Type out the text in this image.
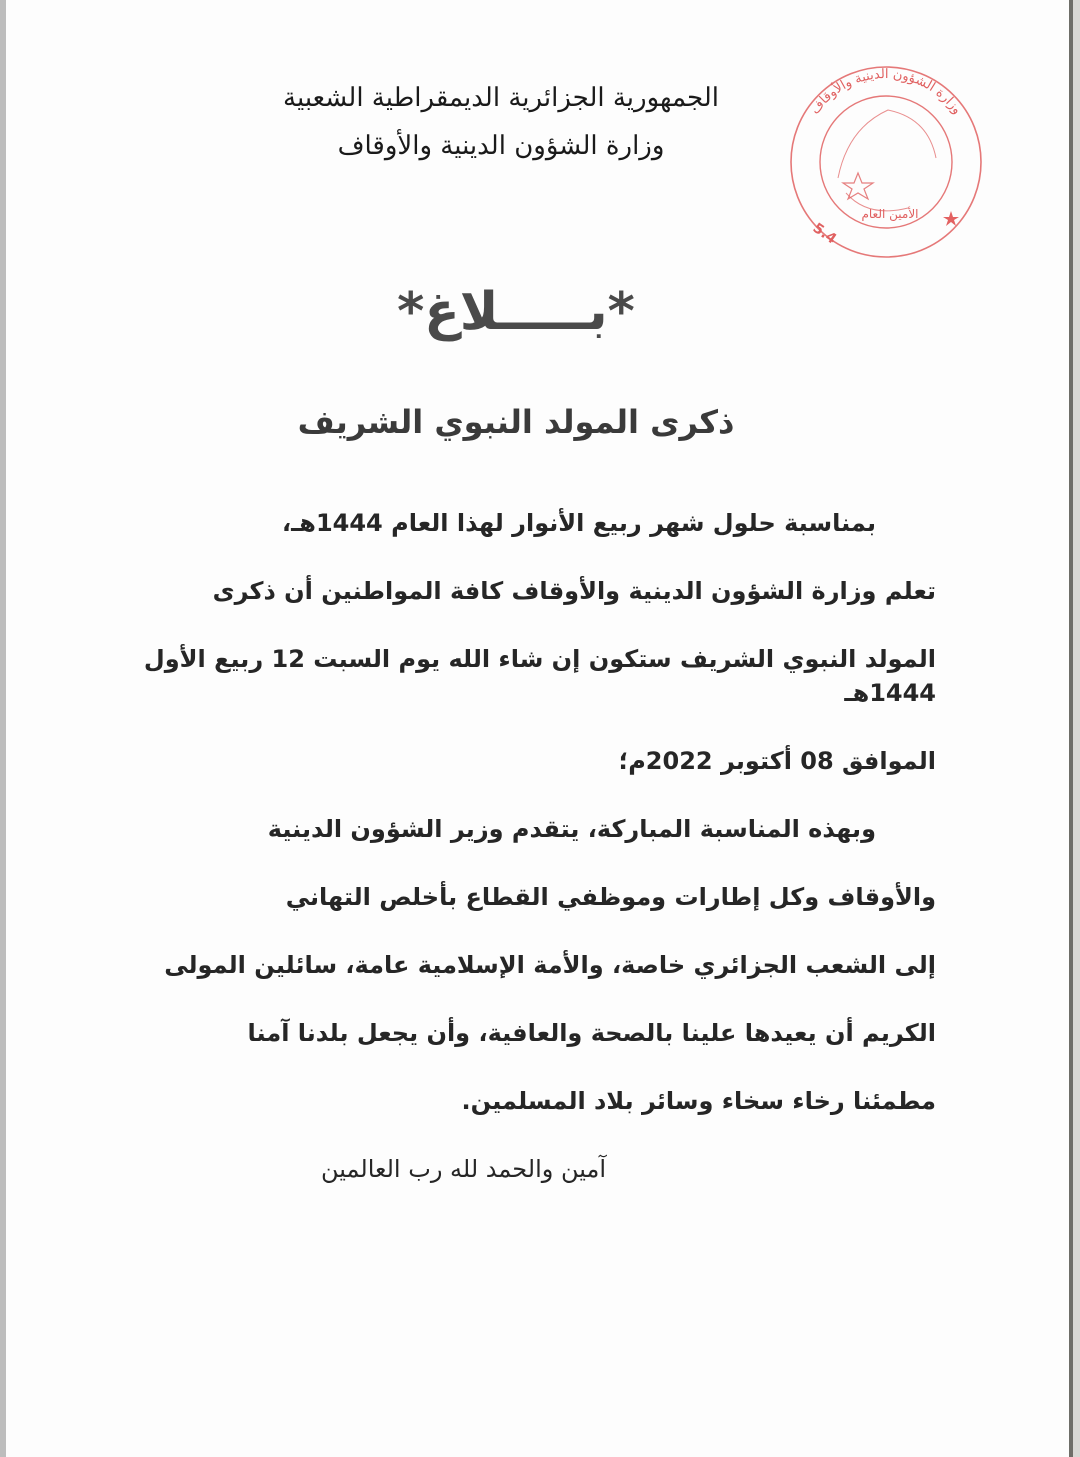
الجمهورية الجزائرية الديمقراطية الشعبية
وزارة الشؤون الدينية والأوقاف
وزارة الشؤون الدينية والأوقاف
الأمين العام
5.4
*بـــــلاغ*
ذكرى المولد النبوي الشريف
بمناسبة حلول شهر ربيع الأنوار لهذا العام 1444هـ،
تعلم وزارة الشؤون الدينية والأوقاف كافة المواطنين أن ذكرى
المولد النبوي الشريف ستكون إن شاء الله يوم السبت 12 ربيع الأول 1444هـ
الموافق 08 أكتوبر 2022م؛
وبهذه المناسبة المباركة، يتقدم وزير الشؤون الدينية
والأوقاف وكل إطارات وموظفي القطاع بأخلص التهاني
إلى الشعب الجزائري خاصة، والأمة الإسلامية عامة، سائلين المولى
الكريم أن يعيدها علينا بالصحة والعافية، وأن يجعل بلدنا آمنا
مطمئنا رخاء سخاء وسائر بلاد المسلمين.
آمين والحمد لله رب العالمين
